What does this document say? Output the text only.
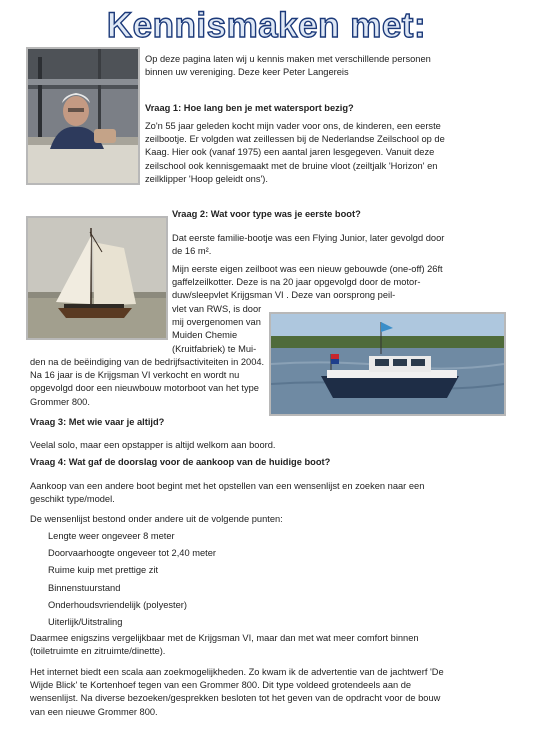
Kennismaken met:

Op deze pagina laten wij u kennis maken met verschillende personen binnen uw vereniging. Deze keer Peter Langereis

Vraag 1: Hoe lang ben je met watersport bezig?

Zo'n 55 jaar geleden kocht mijn vader voor ons, de kinderen, een eerste zeilbootje. Er volgden wat zeillessen bij de Nederlandse Zeilschool op de Kaag. Hier ook (vanaf 1975) een aantal jaren lesgegeven. Vanuit deze zeilschool ook kennisgemaakt met de bruine vloot (zeiltjalk 'Horizon' en zeilklipper 'Hoop geleidt ons').

Vraag 2: Wat voor type was je eerste boot?

Dat eerste familie-bootje was een Flying Junior, later gevolgd door de 16 m².

Mijn eerste eigen zeilboot was een nieuw gebouwde (one-off) 26ft gaffelzeilkotter. Deze is na 20 jaar opgevolgd door de motor-duw/sleepvlet Krijgsman VI . Deze van oorsprong peil-

vlet van RWS, is door mij overgenomen van Muiden Chemie (Kruitfabriek) te Mui-

den na de beëindiging van de bedrijfsactiviteiten in 2004. Na 16 jaar is de Krijgsman VI verkocht en wordt nu opgevolgd door een nieuwbouw motorboot van het type Grommer 800.

Vraag 3: Met wie vaar je altijd?

Veelal solo, maar een opstapper is altijd welkom aan boord.

Vraag 4: Wat gaf de doorslag voor de aankoop van de huidige boot?

Aankoop van een andere boot begint met het opstellen van een wensenlijst en zoeken naar een geschikt type/model.

De wensenlijst bestond onder andere uit de volgende punten:

Lengte weer ongeveer 8 meter
Doorvaarhoogte ongeveer tot 2,40 meter
Ruime kuip met prettige zit
Binnenstuurstand
Onderhoudsvriendelijk (polyester)
Uiterlijk/Uitstraling

Daarmee enigszins vergelijkbaar met de Krijgsman VI, maar dan met wat meer comfort binnen (toiletruimte en zitruimte/dinette).

Het internet biedt een scala aan zoekmogelijkheden. Zo kwam ik de advertentie van de jachtwerf 'De Wijde Blick' te Kortenhoef tegen van een Grommer 800. Dit type voldeed grotendeels aan de wensenlijst. Na diverse bezoeken/gesprekken besloten tot het geven van de opdracht voor de bouw van een nieuwe Grommer 800.
